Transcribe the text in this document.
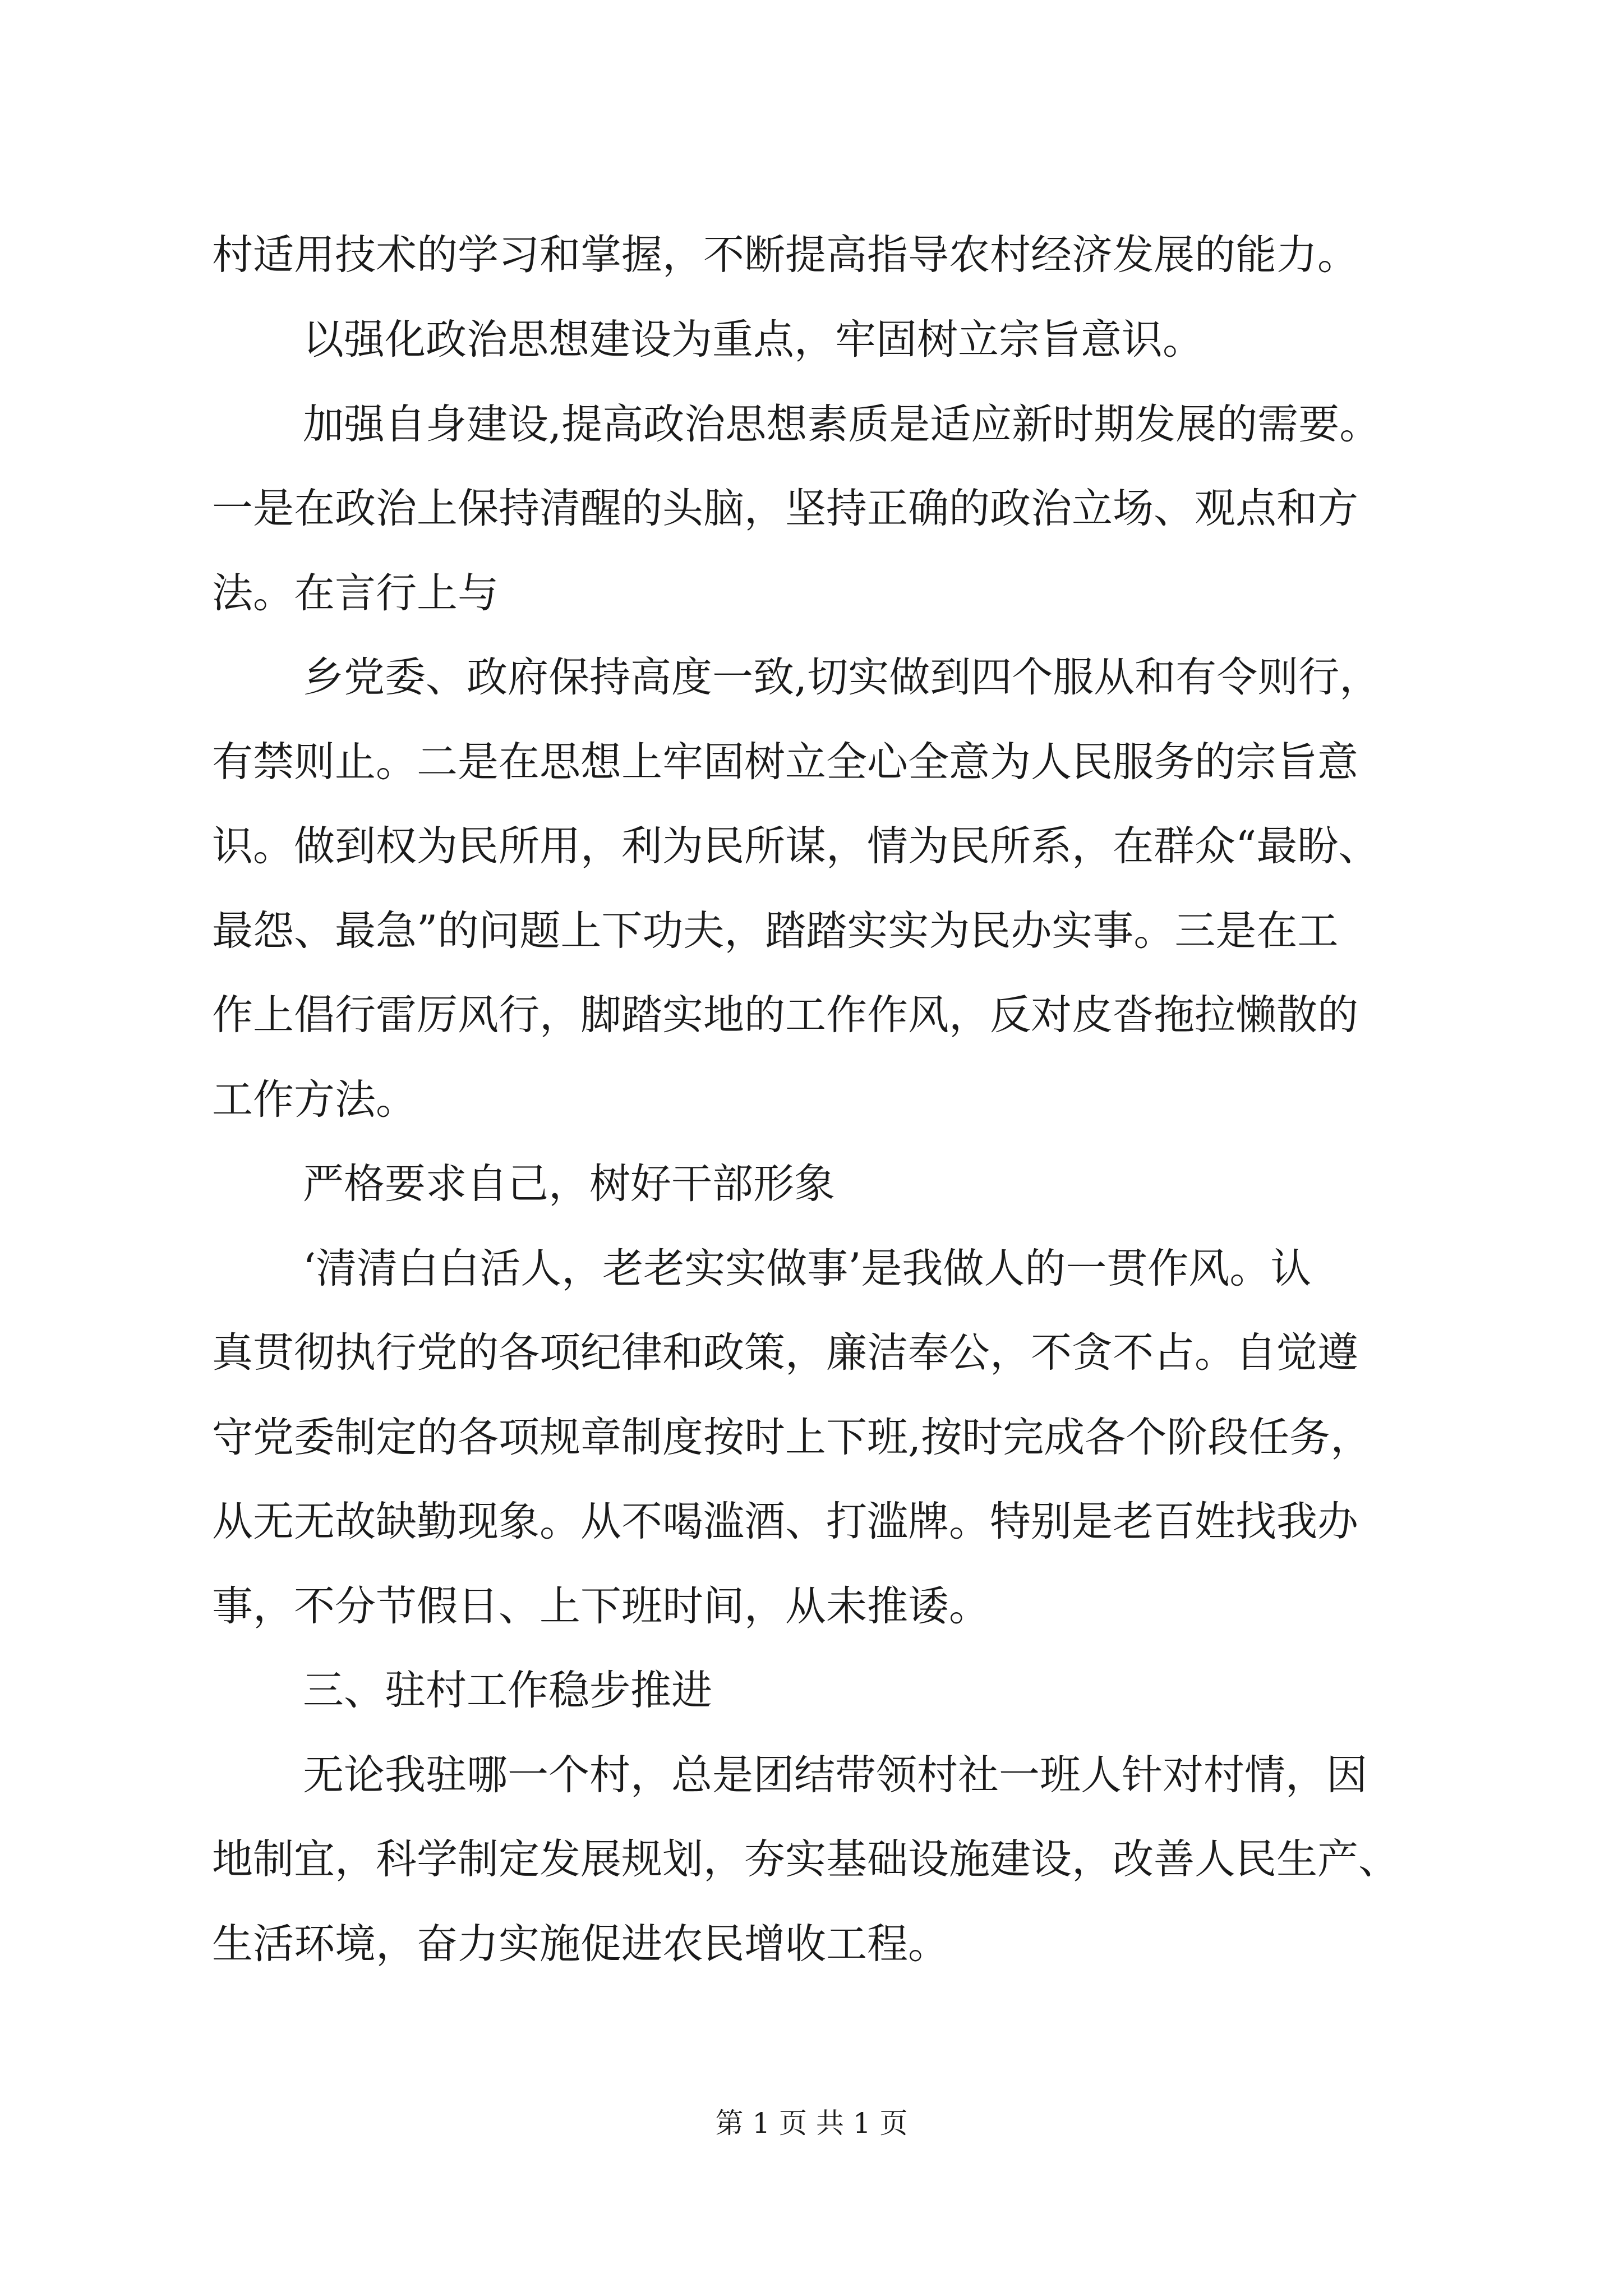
村适用技术的学习和掌握，不断提高指导农村经济发展的能力。
以强化政治思想建设为重点，牢固树立宗旨意识。
加强自身建设,提高政治思想素质是适应新时期发展的需要。
一是在政治上保持清醒的头脑，坚持正确的政治立场、观点和方
法。在言行上与
乡党委、政府保持高度一致,切实做到四个服从和有令则行，
有禁则止。二是在思想上牢固树立全心全意为人民服务的宗旨意
识。做到权为民所用，利为民所谋，情为民所系，在群众“最盼、
最怨、最急”的问题上下功夫，踏踏实实为民办实事。三是在工
作上倡行雷厉风行，脚踏实地的工作作风，反对皮沓拖拉懒散的
工作方法。
严格要求自己，树好干部形象
‘清清白白活人，老老实实做事’是我做人的一贯作风。认
真贯彻执行党的各项纪律和政策，廉洁奉公，不贪不占。自觉遵
守党委制定的各项规章制度按时上下班,按时完成各个阶段任务，
从无无故缺勤现象。从不喝滥酒、打滥牌。特别是老百姓找我办
事，不分节假日、上下班时间，从未推诿。
三、驻村工作稳步推进
无论我驻哪一个村，总是团结带领村社一班人针对村情，因
地制宜，科学制定发展规划，夯实基础设施建设，改善人民生产、
生活环境，奋力实施促进农民增收工程。
第 1 页 共 1 页
